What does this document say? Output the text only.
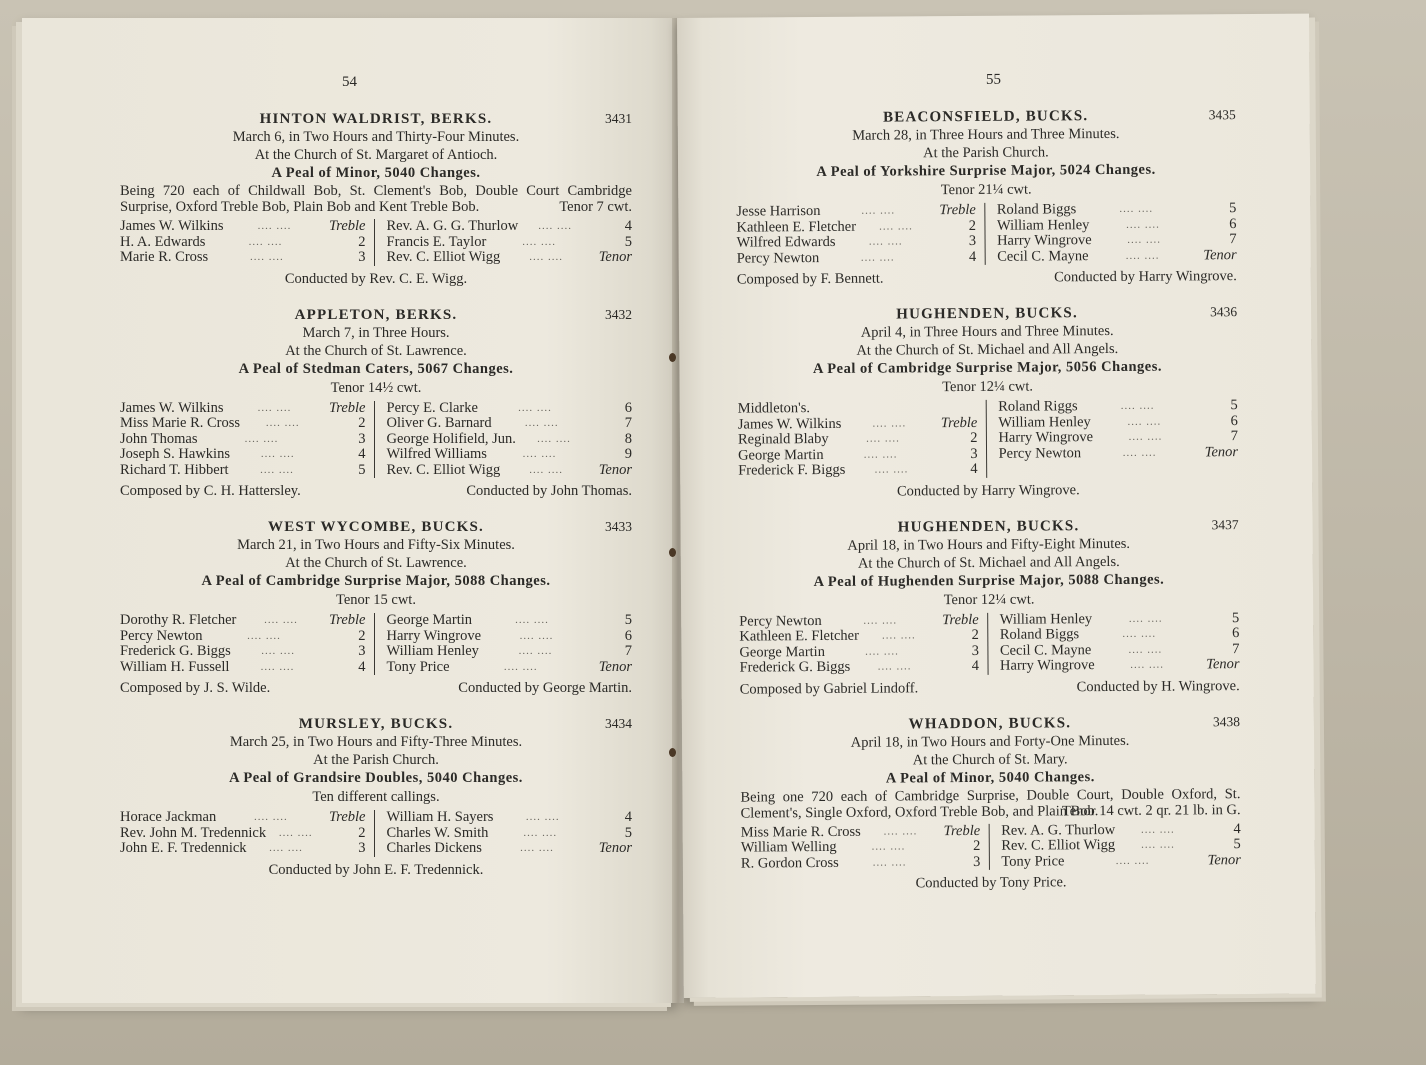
54
HINTON WALDRIST, BERKS.	3431
March 6, in Two Hours and Thirty-Four Minutes.
At the Church of St. Margaret of Antioch.
A Peal of Minor, 5040 Changes.
Being 720 each of Childwall Bob, St. Clement's Bob, Double Court Cambridge Surprise, Oxford Treble Bob, Plain Bob and Kent Treble Bob.	Tenor 7 cwt.
James W. Wilkins	.... ....	Treble
H. A. Edwards	.... ....	2
Marie R. Cross	.... ....	3
Rev. A. G. G. Thurlow	.... ....	4
Francis E. Taylor	.... ....	5
Rev. C. Elliot Wigg	.... ....	Tenor
Conducted by Rev. C. E. Wigg.
APPLETON, BERKS.	3432
March 7, in Three Hours.
At the Church of St. Lawrence.
A Peal of Stedman Caters, 5067 Changes.
Tenor 14½ cwt.
James W. Wilkins	.... ....	Treble
Miss Marie R. Cross	.... ....	2
John Thomas	.... ....	3
Joseph S. Hawkins	.... ....	4
Richard T. Hibbert	.... ....	5
Percy E. Clarke	.... ....	6
Oliver G. Barnard	.... ....	7
George Holifield, Jun.	.... ....	8
Wilfred Williams	.... ....	9
Rev. C. Elliot Wigg	.... ....	Tenor
Composed by C. H. Hattersley.	Conducted by John Thomas.
WEST WYCOMBE, BUCKS.	3433
March 21, in Two Hours and Fifty-Six Minutes.
At the Church of St. Lawrence.
A Peal of Cambridge Surprise Major, 5088 Changes.
Tenor 15 cwt.
Dorothy R. Fletcher	.... ....	Treble
Percy Newton	.... ....	2
Frederick G. Biggs	.... ....	3
William H. Fussell	.... ....	4
George Martin	.... ....	5
Harry Wingrove	.... ....	6
William Henley	.... ....	7
Tony Price	.... ....	Tenor
Composed by J. S. Wilde.	Conducted by George Martin.
MURSLEY, BUCKS.	3434
March 25, in Two Hours and Fifty-Three Minutes.
At the Parish Church.
A Peal of Grandsire Doubles, 5040 Changes.
Ten different callings.
Horace Jackman	.... ....	Treble
Rev. John M. Tredennick	.... ....	2
John E. F. Tredennick	.... ....	3
William H. Sayers	.... ....	4
Charles W. Smith	.... ....	5
Charles Dickens	.... ....	Tenor
Conducted by John E. F. Tredennick.
55
BEACONSFIELD, BUCKS.	3435
March 28, in Three Hours and Three Minutes.
At the Parish Church.
A Peal of Yorkshire Surprise Major, 5024 Changes.
Tenor 21¼ cwt.
Jesse Harrison	.... ....	Treble
Kathleen E. Fletcher	.... ....	2
Wilfred Edwards	.... ....	3
Percy Newton	.... ....	4
Roland Biggs	.... ....	5
William Henley	.... ....	6
Harry Wingrove	.... ....	7
Cecil C. Mayne	.... ....	Tenor
Composed by F. Bennett.	Conducted by Harry Wingrove.
HUGHENDEN, BUCKS.	3436
April 4, in Three Hours and Three Minutes.
At the Church of St. Michael and All Angels.
A Peal of Cambridge Surprise Major, 5056 Changes.
Tenor 12¼ cwt.
Middleton's.
James W. Wilkins	.... ....	Treble
Reginald Blaby	.... ....	2
George Martin	.... ....	3
Frederick F. Biggs	.... ....	4
Roland Riggs	.... ....	5
William Henley	.... ....	6
Harry Wingrove	.... ....	7
Percy Newton	.... ....	Tenor
Conducted by Harry Wingrove.
HUGHENDEN, BUCKS.	3437
April 18, in Two Hours and Fifty-Eight Minutes.
At the Church of St. Michael and All Angels.
A Peal of Hughenden Surprise Major, 5088 Changes.
Tenor 12¼ cwt.
Percy Newton	.... ....	Treble
Kathleen E. Fletcher	.... ....	2
George Martin	.... ....	3
Frederick G. Biggs	.... ....	4
William Henley	.... ....	5
Roland Biggs	.... ....	6
Cecil C. Mayne	.... ....	7
Harry Wingrove	.... ....	Tenor
Composed by Gabriel Lindoff.	Conducted by H. Wingrove.
WHADDON, BUCKS.	3438
April 18, in Two Hours and Forty-One Minutes.
At the Church of St. Mary.
A Peal of Minor, 5040 Changes.
Being one 720 each of Cambridge Surprise, Double Court, Double Oxford, St. Clement's, Single Oxford, Oxford Treble Bob, and Plain Bob.
Tenor 14 cwt. 2 qr. 21 lb. in G.
Miss Marie R. Cross	.... ....	Treble
William Welling	.... ....	2
R. Gordon Cross	.... ....	3
Rev. A. G. Thurlow	.... ....	4
Rev. C. Elliot Wigg	.... ....	5
Tony Price	.... ....	Tenor
Conducted by Tony Price.
